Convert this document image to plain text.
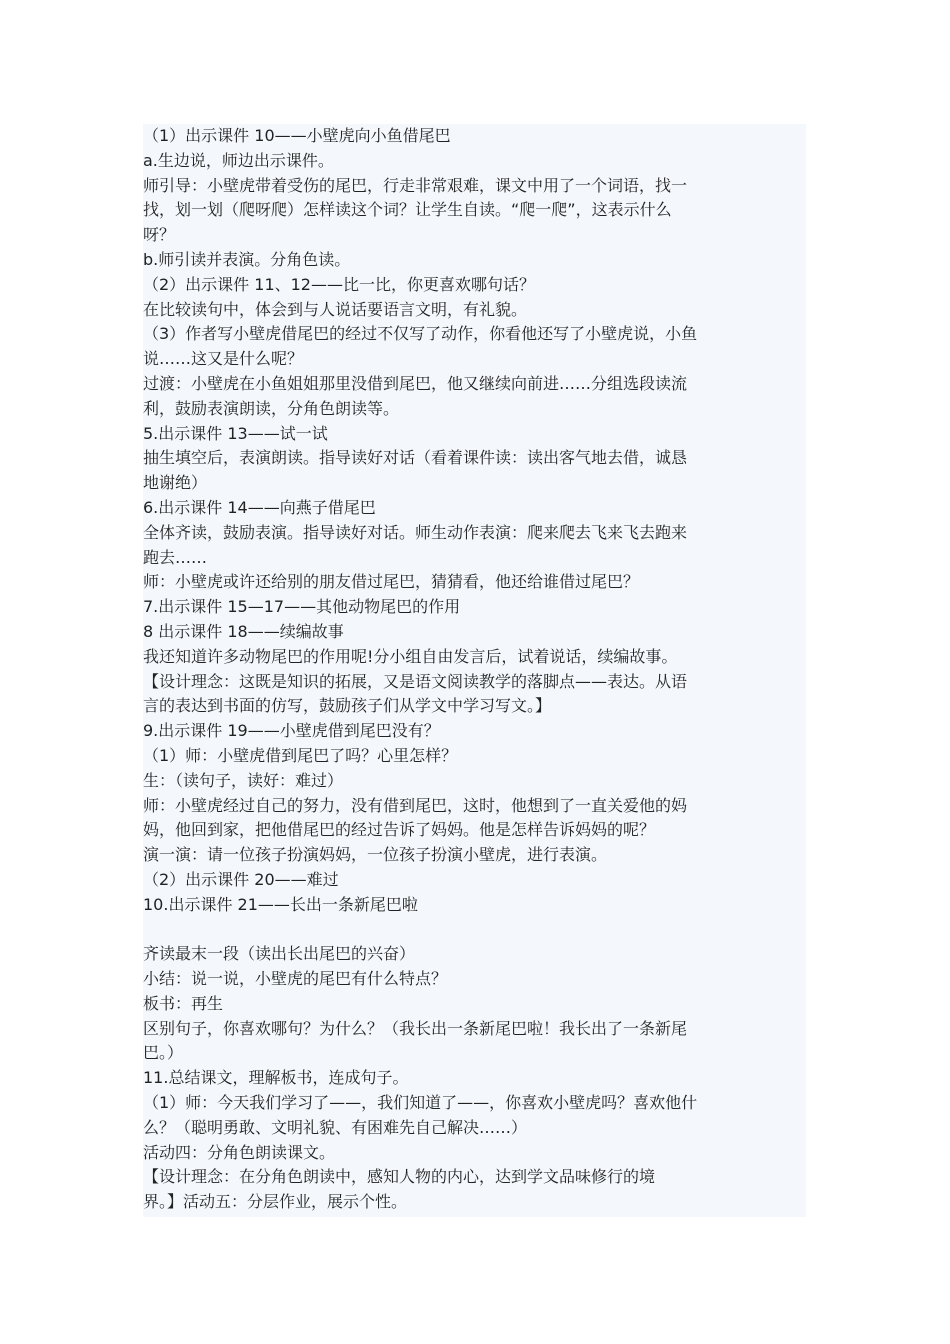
（1）出示课件 10——小壁虎向小鱼借尾巴
a.生边说，师边出示课件。
师引导：小壁虎带着受伤的尾巴，行走非常艰难，课文中用了一个词语，找一
找，划一划（爬呀爬）怎样读这个词？让学生自读。“爬一爬”，这表示什么
呀？
b.师引读并表演。分角色读。
（2）出示课件 11、12——比一比，你更喜欢哪句话？
在比较读句中，体会到与人说话要语言文明，有礼貌。
（3）作者写小壁虎借尾巴的经过不仅写了动作，你看他还写了小壁虎说，小鱼
说……这又是什么呢？
过渡：小壁虎在小鱼姐姐那里没借到尾巴，他又继续向前进……分组选段读流
利，鼓励表演朗读，分角色朗读等。
5.出示课件 13——试一试
抽生填空后，表演朗读。指导读好对话（看着课件读：读出客气地去借，诚恳
地谢绝）
6.出示课件 14——向燕子借尾巴
全体齐读，鼓励表演。指导读好对话。师生动作表演：爬来爬去飞来飞去跑来
跑去……
师：小壁虎或许还给别的朋友借过尾巴，猜猜看，他还给谁借过尾巴？
7.出示课件 15—17——其他动物尾巴的作用
8 出示课件 18——续编故事
我还知道许多动物尾巴的作用呢!分小组自由发言后，试着说话，续编故事。
【设计理念：这既是知识的拓展，又是语文阅读教学的落脚点——表达。从语
言的表达到书面的仿写，鼓励孩子们从学文中学习写文。】
9.出示课件 19——小壁虎借到尾巴没有？
（1）师：小壁虎借到尾巴了吗？心里怎样？
生：（读句子，读好：难过）
师：小壁虎经过自己的努力，没有借到尾巴，这时，他想到了一直关爱他的妈
妈，他回到家，把他借尾巴的经过告诉了妈妈。他是怎样告诉妈妈的呢？
演一演：请一位孩子扮演妈妈，一位孩子扮演小壁虎，进行表演。
（2）出示课件 20——难过
10.出示课件 21——长出一条新尾巴啦
齐读最末一段（读出长出尾巴的兴奋）
小结：说一说，小壁虎的尾巴有什么特点？
板书：再生
区别句子，你喜欢哪句？为什么？（我长出一条新尾巴啦！我长出了一条新尾
巴。）
11.总结课文，理解板书，连成句子。
（1）师：今天我们学习了——，我们知道了——，你喜欢小壁虎吗？喜欢他什
么？（聪明勇敢、文明礼貌、有困难先自己解决……）
活动四：分角色朗读课文。
【设计理念：在分角色朗读中，感知人物的内心，达到学文品味修行的境
界。】活动五：分层作业，展示个性。
